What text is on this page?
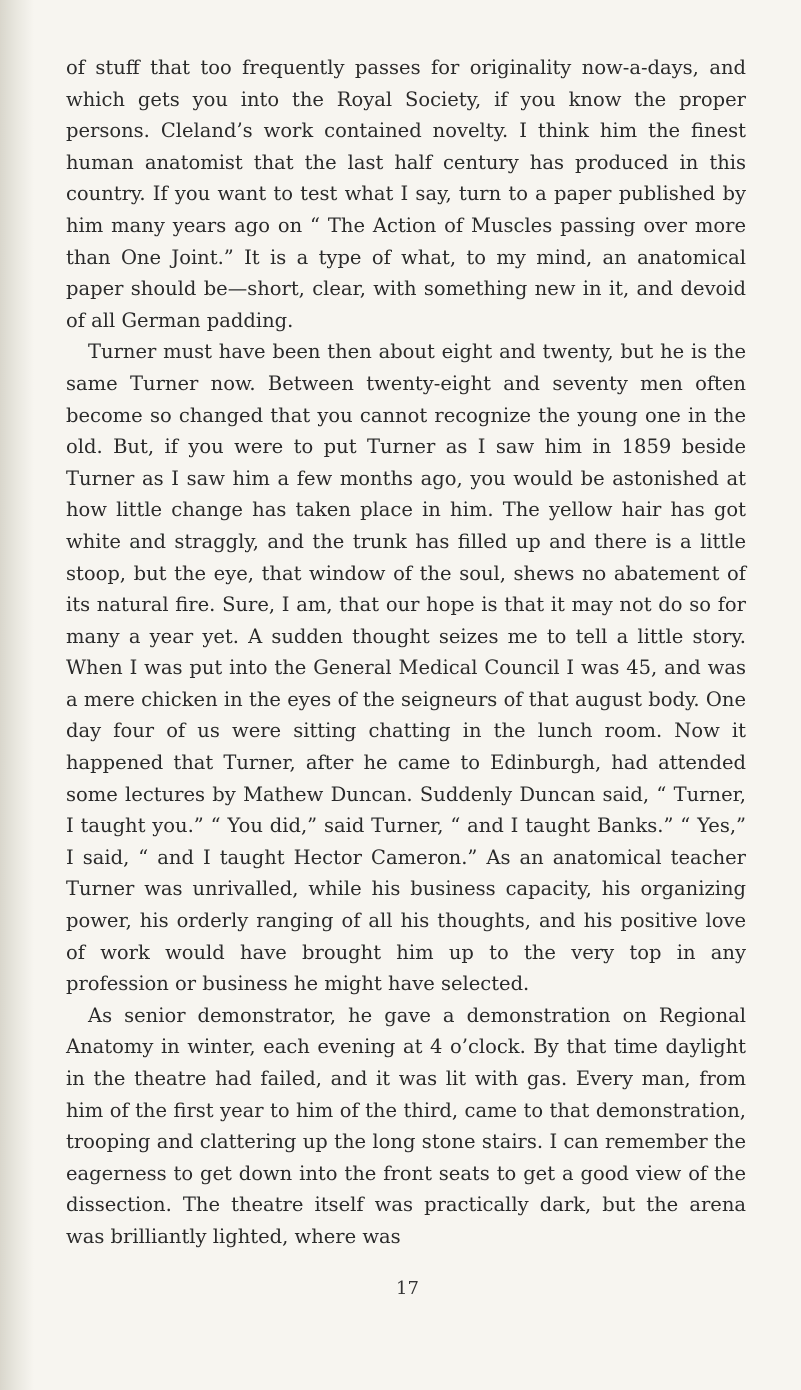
of stuff that too frequently passes for originality now-a-days, and which gets you into the Royal Society, if you know the proper persons. Cleland’s work contained novelty. I think him the finest human anatomist that the last half century has produced in this country. If you want to test what I say, turn to a paper published by him many years ago on “ The Action of Muscles passing over more than One Joint.” It is a type of what, to my mind, an anatomical paper should be—short, clear, with something new in it, and devoid of all German padding.

Turner must have been then about eight and twenty, but he is the same Turner now. Between twenty-eight and seventy men often become so changed that you cannot recognize the young one in the old. But, if you were to put Turner as I saw him in 1859 beside Turner as I saw him a few months ago, you would be astonished at how little change has taken place in him. The yellow hair has got white and straggly, and the trunk has filled up and there is a little stoop, but the eye, that window of the soul, shews no abatement of its natural fire. Sure, I am, that our hope is that it may not do so for many a year yet. A sudden thought seizes me to tell a little story. When I was put into the General Medical Council I was 45, and was a mere chicken in the eyes of the seigneurs of that august body. One day four of us were sitting chatting in the lunch room. Now it happened that Turner, after he came to Edinburgh, had attended some lectures by Mathew Duncan. Suddenly Duncan said, “ Turner, I taught you.” “ You did,” said Turner, “ and I taught Banks.” “ Yes,” I said, “ and I taught Hector Cameron.” As an anatomical teacher Turner was unrivalled, while his business capacity, his organizing power, his orderly ranging of all his thoughts, and his positive love of work would have brought him up to the very top in any profession or business he might have selected.

As senior demonstrator, he gave a demonstration on Regional Anatomy in winter, each evening at 4 o’clock. By that time daylight in the theatre had failed, and it was lit with gas. Every man, from him of the first year to him of the third, came to that demonstration, trooping and clattering up the long stone stairs. I can remember the eagerness to get down into the front seats to get a good view of the dissection. The theatre itself was practically dark, but the arena was brilliantly lighted, where was

17
